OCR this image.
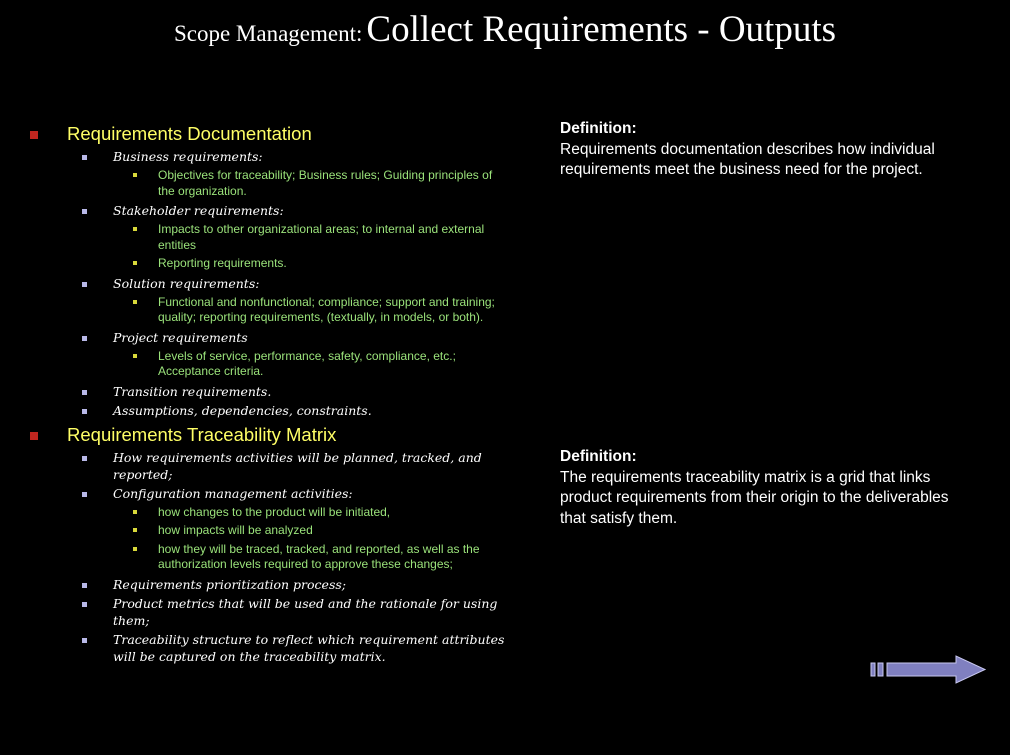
Scope Management: Collect Requirements - Outputs
Requirements Documentation
Business requirements:
Objectives for traceability; Business rules; Guiding principles of the organization.
Stakeholder requirements:
Impacts to other organizational areas; to internal and external entities
Reporting requirements.
Solution requirements:
Functional and nonfunctional; compliance; support and training; quality; reporting requirements, (textually, in models, or both).
Project requirements
Levels of service, performance, safety, compliance, etc.; Acceptance criteria.
Transition requirements.
Assumptions, dependencies, constraints.
Requirements Traceability Matrix
How requirements activities will be planned, tracked, and reported;
Configuration management activities:
how changes to the product will be initiated,
how impacts will be analyzed
how they will be traced, tracked, and reported, as well as the authorization levels required to approve these changes;
Requirements prioritization process;
Product metrics that will be used and the rationale for using them;
Traceability structure to reflect which requirement attributes will be captured on the traceability matrix.
Definition:
Requirements documentation describes how individual requirements meet the business need for the project.
Definition:
The requirements traceability matrix is a grid that links product requirements from their origin to the deliverables that satisfy them.
